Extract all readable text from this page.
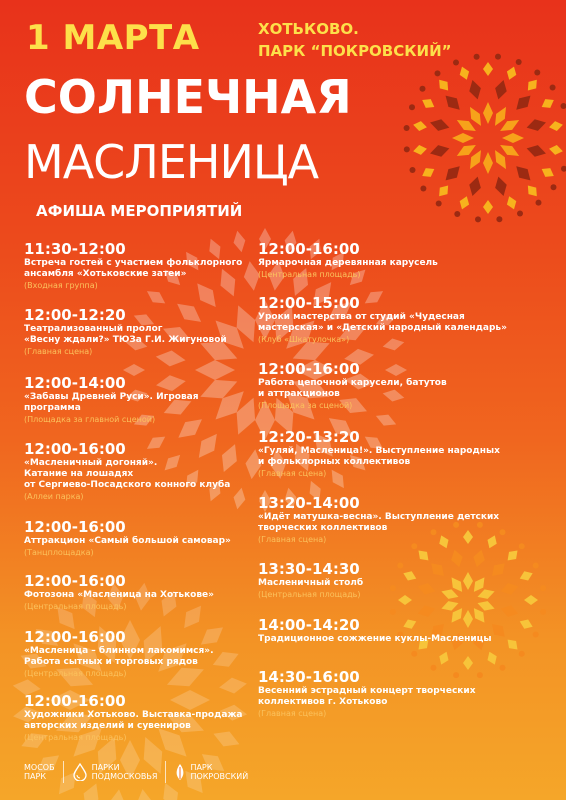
1 МАРТА	ХОТЬКОВО.
ПАРК “ПОКРОВСКИЙ”
СОЛНЕЧНАЯ
МАСЛЕНИЦА
АФИША МЕРОПРИЯТИЙ
11:30-12:00
Встреча гостей с участием фольклорного
ансамбля «Хотьковские затеи»
(Входная группа)
12:00-12:20
Театрализованный пролог
«Весну ждали?» ТЮЗа Г.И. Жигуновой
(Главная сцена)
12:00-14:00
«Забавы Древней Руси». Игровая
программа
(Площадка за главной сценой)
12:00-16:00
«Масленичный догоняй».
Катание на лошадях
от Сергиево-Посадского конного клуба
(Аллеи парка)
12:00-16:00
Аттракцион «Самый большой самовар»
(Танцплощадка)
12:00-16:00
Фотозона «Масленица на Хотькове»
(Центральная площадь)
12:00-16:00
«Масленица – блинном лакомимся».
Работа сытных и торговых рядов
(Центральная площадь)
12:00-16:00
Художники Хотьково. Выставка-продажа
авторских изделий и сувениров
(Центральная площадь)
12:00-16:00
Ярмарочная деревянная карусель
(Центральная площадь)
12:00-15:00
Уроки мастерства от студий «Чудесная
мастерская» и «Детский народный календарь»
(Клуб «Шкатулочка»)
12:00-16:00
Работа цепочной карусели, батутов
и аттракционов
(Площадка за сценой)
12:20-13:20
«Гуляй, Масленица!». Выступление народных
и фольклорных коллективов
(Главная сцена)
13:20-14:00
«Идёт матушка-весна». Выступление детских
творческих коллективов
(Главная сцена)
13:30-14:30
Масленичный столб
(Центральная площадь)
14:00-14:20
Традиционное сожжение куклы-Масленицы
14:30-16:00
Весенний эстрадный концерт творческих
коллективов г. Хотьково
(Главная сцена)
МОСОБ
ПАРК
ПАРКИ
ПОДМОСКОВЬЯ
ПАРК
ПОКРОВСКИЙ
